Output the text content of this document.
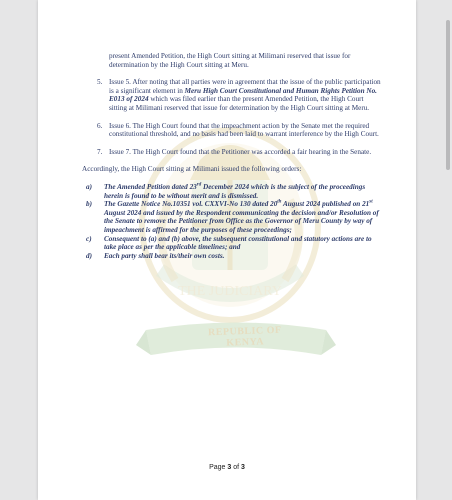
THE JUDICIARY
REPUBLIC OF KENYA

present Amended Petition, the High Court sitting at Milimani reserved that issue for determination by the High Court sitting at Meru.

5. Issue 5. After noting that all parties were in agreement that the issue of the public participation is a significant element in Meru High Court Constitutional and Human Rights Petition No. E013 of 2024 which was filed earlier than the present Amended Petition, the High Court sitting at Milimani reserved that issue for determination by the High Court sitting at Meru.
6. Issue 6. The High Court found that the impeachment action by the Senate met the required constitutional threshold, and no basis had been laid to warrant interference by the High Court.
7. Issue 7. The High Court found that the Petitioner was accorded a fair hearing in the Senate.

Accordingly, the High Court sitting at Milimani issued the following orders:

a) The Amended Petition dated 23rd December 2024 which is the subject of the proceedings herein is found to be without merit and is dismissed.
b) The Gazette Notice No.10351 vol. CXXVI-No 130 dated 20th August 2024 published on 21st August 2024 and issued by the Respondent communicating the decision and/or Resolution of the Senate to remove the Petitioner from Office as the Governor of Meru County by way of impeachment is affirmed for the purposes of these proceedings;
c) Consequent to (a) and (b) above, the subsequent constitutional and statutory actions are to take place as per the applicable timelines; and
d) Each party shall bear its/their own costs.
Page 3 of 3
